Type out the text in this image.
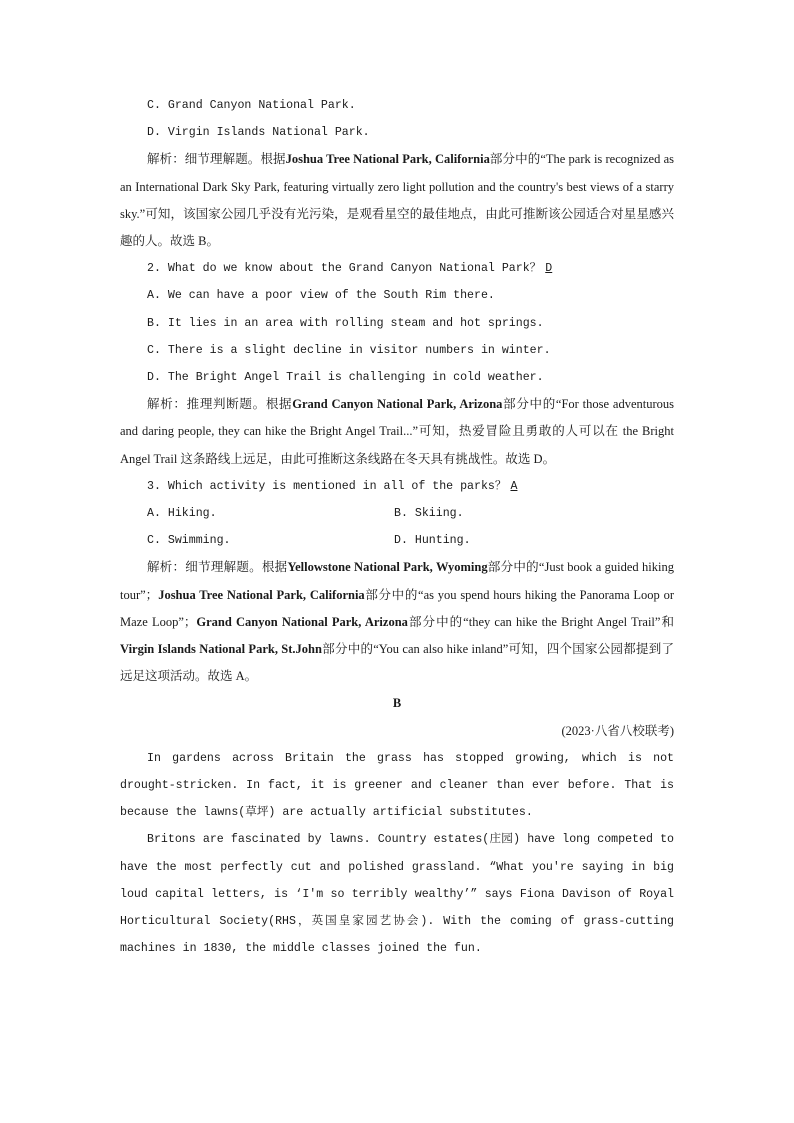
C. Grand Canyon National Park.
D. Virgin Islands National Park.
解析：细节理解题。根据Joshua Tree National Park, California部分中的“The park is recognized as an International Dark Sky Park, featuring virtually zero light pollution and the country's best views of a starry sky.”可知，该国家公园几乎没有光污染，是观看星空的最佳地点，由此可推断该公园适合对星星感兴趣的人。故选 B。
2. What do we know about the Grand Canyon National Park？ D
A. We can have a poor view of the South Rim there.
B. It lies in an area with rolling steam and hot springs.
C. There is a slight decline in visitor numbers in winter.
D. The Bright Angel Trail is challenging in cold weather.
解析：推理判断题。根据Grand Canyon National Park, Arizona部分中的“For those adventurous and daring people, they can hike the Bright Angel Trail...”可知，热爱冒险且勇敢的人可以在 the Bright Angel Trail 这条路线上远足，由此可推断这条线路在冬天具有挑战性。故选 D。
3. Which activity is mentioned in all of the parks？ A
A. Hiking.	B. Skiing.
C. Swimming.	D. Hunting.
解析：细节理解题。根据Yellowstone National Park, Wyoming部分中的“Just book a guided hiking tour”；Joshua Tree National Park, California部分中的“as you spend hours hiking the Panorama Loop or Maze Loop”；Grand Canyon National Park, Arizona部分中的“they can hike the Bright Angel Trail”和Virgin Islands National Park, St.John部分中的“You can also hike inland”可知，四个国家公园都提到了远足这项活动。故选 A。
B
(2023·八省八校联考)
In gardens across Britain the grass has stopped growing, which is not drought-stricken. In fact, it is greener and cleaner than ever before. That is because the lawns(草坪) are actually artificial substitutes.
Britons are fascinated by lawns. Country estates(庄园) have long competed to have the most perfectly cut and polished grassland. “What you're saying in big loud capital letters, is ‘I'm so terribly wealthy’” says Fiona Davison of Royal Horticultural Society(RHS，英国皇家园艺协会). With the coming of grass-cutting machines in 1830, the middle classes joined the fun.
